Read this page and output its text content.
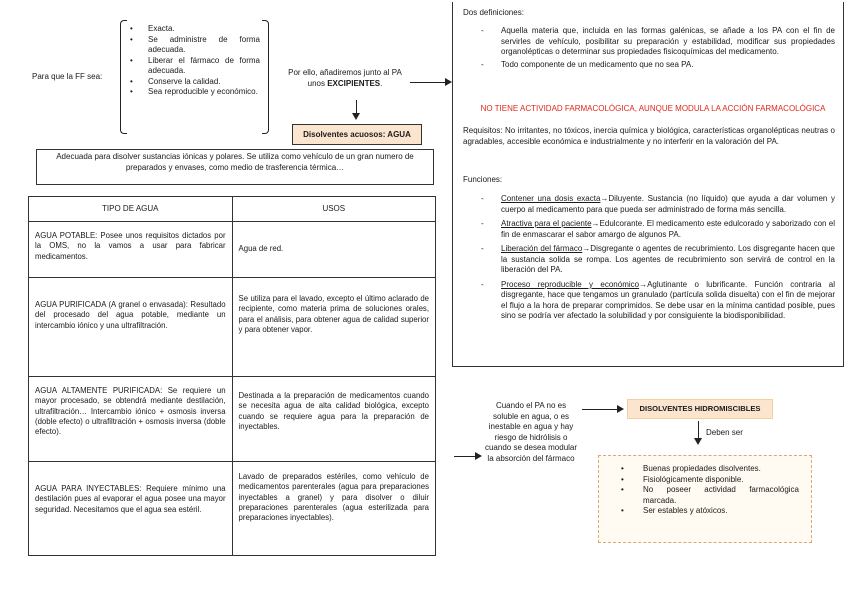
Para que la FF sea:
• Exacta.
• Se administre de forma adecuada.
• Liberar el fármaco de forma adecuada.
• Conserve la calidad.
• Sea reproducible y económico.
Por ello, añadiremos junto al PA unos EXCIPIENTES.
Disolventes acuosos: AGUA
Adecuada para disolver sustancias iónicas y polares. Se utiliza como vehículo de un gran numero de preparados y envases, como medio de trasferencia térmica…
TIPO DE AGUA	USOS
AGUA POTABLE: Posee unos requisitos dictados por la OMS, no la vamos a usar para fabricar medicamentos.	Agua de red.
AGUA PURIFICADA (A granel o envasada): Resultado del procesado del agua potable, mediante un intercambio iónico y una ultrafiltración.	Se utiliza para el lavado, excepto el último aclarado de recipiente, como materia prima de soluciones orales, para el análisis, para obtener agua de calidad superior y para obtener vapor.
AGUA ALTAMENTE PURIFICADA: Se requiere un mayor procesado, se obtendrá mediante destilación, ultrafiltración… Intercambio iónico + osmosis inversa (doble efecto) o ultrafiltración + osmosis inversa (doble efecto).	Destinada a la preparación de medicamentos cuando se necesita agua de alta calidad biológica, excepto cuando se requiere agua para la preparación de inyectables.
AGUA PARA INYECTABLES: Requiere mínimo una destilación pues al evaporar el agua posee una mayor seguridad. Necesitamos que el agua sea estéril.	Lavado de preparados estériles, como vehículo de medicamentos parenterales (agua para preparaciones inyectables a granel) y para disolver o diluir preparaciones parenterales (agua esterilizada para preparaciones inyectables).
Dos definiciones:
- Aquella materia que, incluida en las formas galénicas, se añade a los PA con el fin de servirles de vehículo, posibilitar su preparación y estabilidad, modificar sus propiedades organolépticas o determinar sus propiedades fisicoquímicas del medicamento.
- Todo componente de un medicamento que no sea PA.
NO TIENE ACTIVIDAD FARMACOLÓGICA, AUNQUE MODULA LA ACCIÓN FARMACOLÓGICA
Requisitos: No irritantes, no tóxicos, inercia química y biológica, características organolépticas neutras o agradables, accesible económica e industrialmente y no interferir en la valoración del PA.
Funciones:
- Contener una dosis exacta→Diluyente. Sustancia (no líquido) que ayuda a dar volumen y cuerpo al medicamento para que pueda ser administrado de forma más sencilla.
- Atractiva para el paciente→Edulcorante. El medicamento este edulcorado y saborizado con el fin de enmascarar el sabor amargo de algunos PA.
- Liberación del fármaco→Disgregante o agentes de recubrimiento. Los disgregante hacen que la sustancia solida se rompa. Los agentes de recubrimiento son servirá de control en la liberación del PA.
- Proceso reproducible y económico→Aglutinante o lubrificante. Función contraria al disgregante, hace que tengamos un granulado (partícula solida disuelta) con el fin de mejorar el flujo a la hora de preparar comprimidos. Se debe usar en la mínima cantidad posible, pues sino se podría ver afectado la solubilidad y por consiguiente la biodisponibilidad.
Cuando el PA no es soluble en agua, o es inestable en agua y hay riesgo de hidrólisis o cuando se desea modular la absorción del fármaco
DISOLVENTES HIDROMISCIBLES
Deben ser
• Buenas propiedades disolventes.
• Fisiológicamente disponible.
• No poseer actividad farmacológica marcada.
• Ser estables y atóxicos.
